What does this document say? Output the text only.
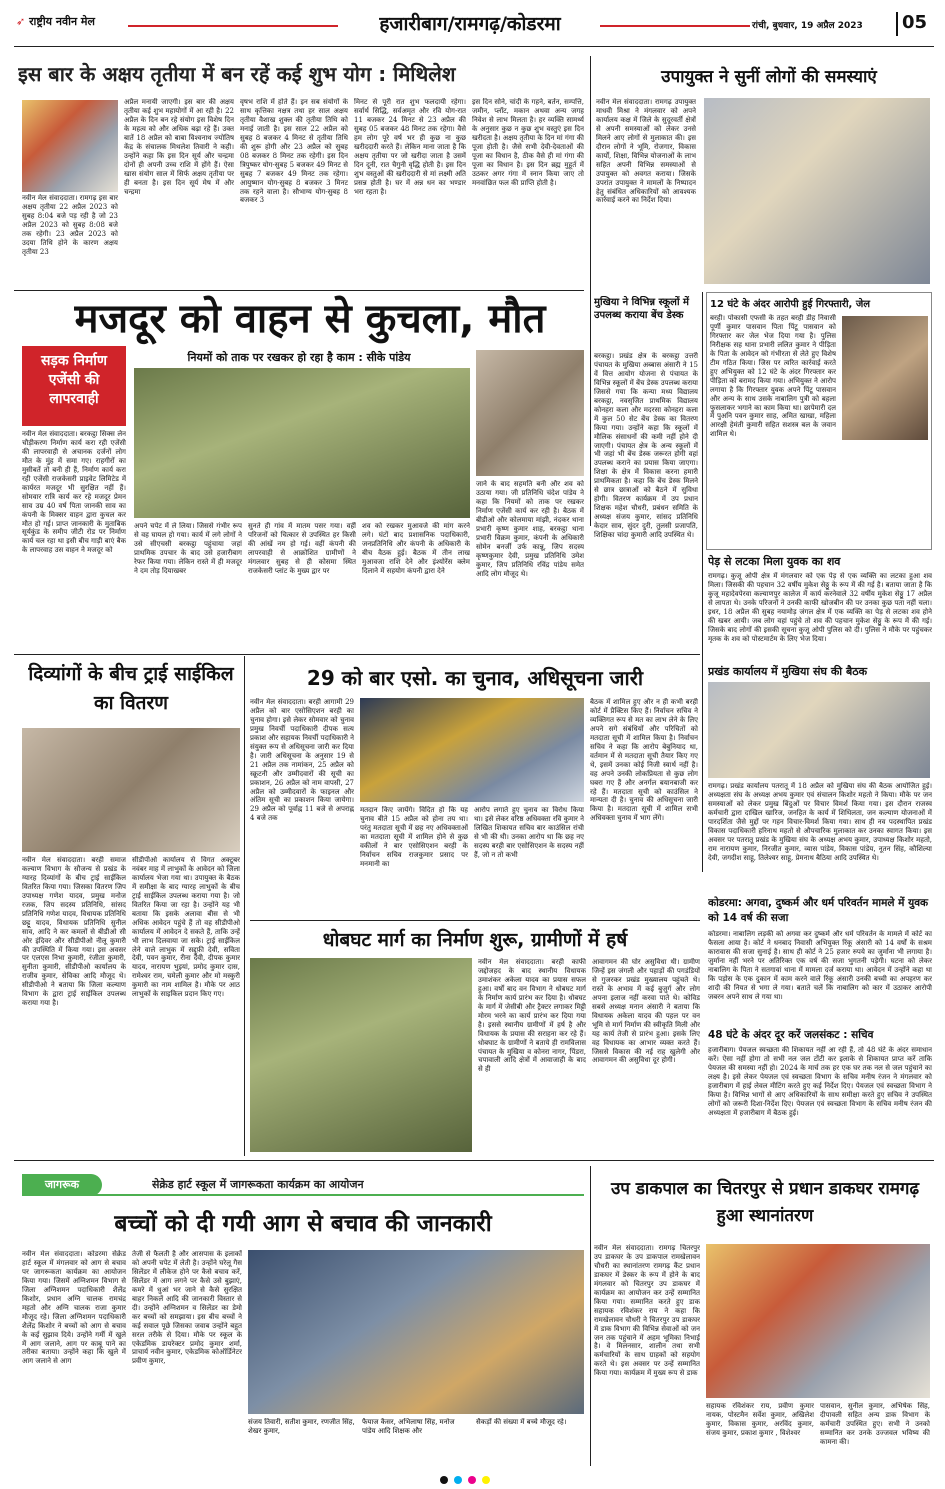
➶ राष्ट्रीय नवीन मेल	हजारीबाग/रामगढ़/कोडरमा	रांची, बुधवार, 19 अप्रैल 2023	05
इस बार के अक्षय तृतीया में बन रहें कई शुभ योग : मिथिलेश
नवीन मेल संवाददाता। रामगढ़ इस बार अक्षय तृतीया 22 अप्रैल 2023 को सुबह 8:04 बजे पड़ रही है जो 23 अप्रैल 2023 को सुबह 8:08 बजे तक रहेगी। 23 अप्रैल 2023 को उदया तिथि होने के कारण अक्षय तृतीया 23
अप्रैल मनायी जाएगी। इस बार की अक्षय तृतीया कई शुभ महायोगों में आ रही है। 22 अप्रैल के दिन बन रहे संयोग इस विशेष दिन के महत्व को और अधिक बढ़ा रहे हैं। उक्त बातें 18 अप्रैल को बाबा विश्वनाथ ज्योतिष केंद्र के संचालक मिथलेश तिवारी ने कही। उन्होंने कहा कि इस दिन सूर्य और चन्द्रमा दोनों ही अपनी उच्च राशि में होंगे हैं। ऐसा खास संयोग साल में सिर्फ अक्षय तृतीया पर ही बनता है। इस दिन सूर्य मेष में और चन्द्रमा
वृषभ राशि में होते हैं। इन सब संयोगों के साथ कृत्तिका नक्षत्र तथा हर साल अक्षय तृतीया वैशाख शुक्ल की तृतीया तिथि को मनाई जाती है। इस साल 22 अप्रैल को सुबह 8 बजकर 4 मिनट से तृतीया तिथि की शुरू होगी और 23 अप्रैल को सुबह 08 बजकर 8 मिनट तक रहेगी। इस दिन त्रिपुष्कर योग-सुबह 5 बजकर 49 मिनट से सुबह 7 बजकर 49 मिनट तक रहेगा। आयुष्मान योग-सुबह 8 बजकर 3 मिनट तक रहने वाला है। सौभाग्य योग-सुबह 8 बजकर 3
मिनट से पूरी रात शुभ फलदायी रहेगा। सर्वार्थ सिद्धि, सर्वअमृत और रवि योग-रात 11 बजकर 24 मिनट से 23 अप्रैल की सुबह 05 बजकर 48 मिनट तक रहेगा। वैसे हम लोग पूरे वर्ष भर ही कुछ ना कुछ खरीददारी करते हैं। लेकिन माना जाता है कि अक्षय तृतीया पर जो खरीदा जाता है उसमें दिन दूनी, रात चैगुनी वृद्धि होती है। इस दिन शुभ वस्तुओं की खरीददारी से मां लक्ष्मी अति प्रसन्न होती है। घर में अन्न धन का भण्डार भरा रहता है।
इस दिन सोने, चांदी के गहने, बर्तन, सम्पत्ति, जमीन, प्लॉट, मकान अथवा अन्य जगह निवेश से लाभ मिलता है। हर व्यक्ति सामर्थ्य के अनुसार कुछ न कुछ शुभ वस्तुएं इस दिन खरीदता है। अक्षय तृतीया के दिन मां गंगा की पूजा होती है। जैसे सभी देवी-देवताओं की पूजा का विधान है, ठीक वैसे ही मां गंगा की पूजा का विधान है। इस दिन ब्रह्म मुहूर्त में उठकर अगर गंगा में स्नान किया जाए तो मनवांछित फल की प्राप्ति होती है।
उपायुक्त ने सुनीं लोगों की समस्याएं
नवीन मेल संवाददाता। रामगढ़ उपायुक्त माधवी मिश्रा ने मंगलवार को अपने कार्यालय कक्ष में जिले के सुदूरवर्ती क्षेत्रों से अपनी समस्याओं को लेकर उनसे मिलने आए लोगों से मुलाकात की। इस दौरान लोगों ने भूमि, रोजगार, विकास कार्यों, शिक्षा, विभिन्न योजनाओं के लाभ सहित अपनी विभिन्न समस्याओं से उपायुक्त को अवगत कराया। जिसके उपरांत उपायुक्त ने मामलों के निष्पादन हेतु संबंधित अधिकारियों को आवश्यक कार्रवाई करने का निर्देश दिया।
मजदूर को वाहन से कुचला, मौत
सड़क निर्माण एजेंसी की लापरवाही
नियमों को ताक पर रखकर हो रहा है काम : सीके पांडेय
नवीन मेल संवाददाता। बरकट्ठा सिक्स लेन चौड़ीकरण निर्माण कार्य करा रही एजेंसी की लापरवाही से अचानक दर्जनों लोग मौत के मुंह में समा गए। राहगीरों का मुसीबतें तो बनी ही हैं, निर्माण कार्य करा रही एजेंसी राजकेसरी प्राइवेट लिमिटेड में कार्यरत मजदूर भी सुरक्षित नहीं हैं। सोमवार रात्रि कार्य कर रहे मजदूर प्रेमन साव उम्र 40 वर्ष पिता जानकी साव का कंपनी के मिक्सर वाहन द्वारा कुचल कर मौत हो गई। प्राप्त जानकारी के मुताबिक सूर्यकुंड के समीप जीटी रोड पर निर्माण कार्य चल रहा था इसी बीच गाड़ी बाएं बैक के लापरवाह उस वाहन ने मजदूर को
अपने चपेट में ले लिया। जिससे गंभीर रूप से वह घायल हो गया। कार्य में लगे लोगों ने उसे सीएचसी बरकट्ठा पहुंचाया जहां प्राथमिक उपचार के बाद उसे हजारीबाग रेफर किया गया। लेकिन रास्ते में ही मजदूर ने दम तोड़ दियाखबर
सुनते ही गांव में मातम पसर गया। वहीं परिजनों को चित्कार से उपस्थित हर किसी की आंखें नम हो गई। वहीं कंपनी की लापरवाही से आक्रोशित ग्रामीणों ने मंगलवार सुबह से ही कोसमा स्थित राजकेसरी प्लांट के मुख्य द्वार पर
शव को रखकर मुआवजे की मांग करने लगे। घंटों बाद प्रशासनिक पदाधिकारी, जनप्रतिनिधि और कंपनी के अधिकारी के बीच वैठक हुई। बैठक में तीन लाख मुआवजा राशि देने और इंश्योरेंस क्लेम दिलाने में सहयोग कंपनी द्वारा देने
जाने के बाद सहमति बनी और शव को उठाया गया। जी प्रतिनिधि चंदेश पांडेय ने कहा कि नियमों को ताक पर रखकर निर्माण एजेंसी कार्य कर रही है। बैठक में बीडीओ और कोलमाया मांझी, नंदकर थाना प्रभारी कृष्ण कुमार शाह, बरकट्ठा थाना प्रभारी विक्रम कुमार, कंपनी के अधिकारी सोमेन बनर्जी उर्फ कान्नू, जिप सदस्य कृष्णकुमार देवी, प्रमुख प्रतिनिधि उमेश कुमार, जिप प्रतिनिधि रविंद्र पांडेय समेत आदि लोग मौजूद थे।
मुखिया ने विभिन्न स्कूलों में उपलब्ध कराया बेंच डेस्क
बरकट्ठा। प्रखंड क्षेत्र के बरकट्ठा उत्तरी पंचायत के मुखिया अब्बास अंसारी ने 15 वें वित्त आयोग योजना से पंचायत के विभिन्न स्कूलों में बेंच डेस्क उपलब्ध कराया जिससे गया कि कन्या मध्य विद्यालय बरकट्ठा, नवसृजित प्राथमिक विद्यालय कोनहरा कला और मदरसा कोनहरा कला में कुल 50 सेट बेंच डेस्क का वितरण किया गया। उन्होंने कहा कि स्कूलों में मौलिक संसाधनों की कमी नहीं होने दी जाएगी। पंचायत क्षेत्र के अन्य स्कूलों में भी जहां भी बेंच डेस्क जरूरत होगी वहां उपलब्ध कराने का प्रयास किया जाएगा। शिक्षा के क्षेत्र में विकास करना हमारी प्राथमिकता है। कहा कि बेंच डेस्क मिलने से छात्र छात्राओं को बैठने में सुविधा होगी। वितरण कार्यक्रम में उप प्रधान शिक्षक महेश चौधरी, प्रबंधन समिति के अध्यक्ष संजय कुमार, सांसद प्रतिनिधि केदार साव, सुंदर दुरी, तुलसी प्रजापति, शिक्षिका चांदा कुमारी आदि उपस्थित थे।
12 घंटे के अंदर आरोपी हुई गिरफ्तारी, जेल
बरही। पोकासी एफसी के तहत बरही डीह निवासी पूर्णी कुमार पासवान पिता पिंटू पासवान को गिरफ्तार कर जेल भेज दिया गया है। पुलिस निरीक्षक सह थाना प्रभारी ललित कुमार ने पीड़िता के पिता के आवेदन को गंभीरता से लेते हुए विशेष टीम गठित किया। जिस पर त्वरित कार्रवाई करते हुए अभियुक्त को 12 घंटे के अंदर गिरफ्तार कर पीड़िता को बरामद किया गया। अभियुक्त ने आरोप लगाया है कि गिरफ्तार युवक अपने पिंटू पासवान और अन्य के साथ उसके नाबालिग पुत्री को बहला फुसलाकर भगाने का काम किया था। छापेमारी दल में पुअनि पवन कुमार साह, अमित खाखा, महिला आरक्षी हेमंती कुमारी सहित सशस्त्र बल के जवान शामिल थे।
पेड़ से लटका मिला युवक का शव
रामगढ़। कुजू ओपी क्षेत्र में मंगलवार को एक पेड़ से एक व्यक्ति का लटका हुआ शव मिला। जिसकी की पहचान 32 वर्षीय मुकेश सेठ्ठू के रूप में की गई है। बताया जाता है कि कुजू महादेवपेरवा कल्याणपुर कालेज में कार्य करनेवाले 32 वर्षीय मुकेश सेठ्ठू 17 अप्रैल से लापता थे। उनके परिजनों ने उनकी काफी खोजबीन की पर उनका कुछ पता नहीं चला। इधर, 18 अप्रैल की सुबह नयामोड़ जंगल क्षेत्र में एक व्यक्ति का पेड़ से लटका शव होने की खबर आयी। जब लोग वहां पहुंचे तो शव की पहचान मुकेश सेठ्ठू के रूप में की गई। जिसके बाद लोगों की इसकी सूचना कुजू ओपी पुलिस को दी। पुलिस ने मौके पर पहुंचकर मृतक के शव को पोस्टमार्टम के लिए भेज दिया।
प्रखंड कार्यालय में मुखिया संघ की बैठक
रामगढ़। प्रखंड कार्यालय पतरातू में 18 अप्रैल को मुखिया संघ की बैठक आयोजित हुई। अध्यक्षता संघ के अध्यक्ष अभय कुमार एवं संचालन किशोर महतो ने किया। मौके पर जन समस्याओं को लेकर प्रमुख बिंदुओं पर विचार विमर्श किया गया। इस दौरान राजस्व कर्मचारी द्वारा दाखिल खारिज, जनहित के कार्य में शिथिलता, जन कल्याण योजनाओं में पारदर्शिता जैसे मुद्दों पर गहन विचार-विमर्श किया गया। साथ ही नव पदस्थापित प्रखंड विकास पदाधिकारी हरिनाथ महतो से औपचारिक मुलाकात कर उनका स्वागत किया। इस अवसर पर पतरातू प्रखंड के मुखिया संघ के अध्यक्ष अभय कुमार, उपाध्यक्ष किशोर महतो, राम नारायण कुमार, निरजीत कुमार, व्यास पांडेय, विकास पांडेय, नूतन सिंह, कौशिल्या देवी, जगदीश साहू, तिलेश्वर साहू, प्रेमनाथ बैठिया आदि उपस्थित थे।
कोडरमा: अगवा, दुष्कर्म और धर्म परिवर्तन मामले में युवक को 14 वर्ष की सजा
कोडरमा। नाबालिग लड़की को अगवा कर दुष्कर्म और धर्म परिवर्तन के मामले में कोर्ट का फैसला आया है। कोर्ट ने धनबाद निवासी अभियुक्त रिंकू अंसारी को 14 वर्षों के सश्रम कारावास की सजा सुनाई है। साथ ही कोर्ट ने 25 हजार रुपये का जुर्माना भी लगाया है। जुर्माना नहीं भरने पर अतिरिक्त एक वर्ष की सजा भुगतनी पड़ेगी। घटना को लेकर नाबालिग के पिता ने सतगावां थाना में मामला दर्ज कराया था। आवेदन में उन्होंने कहा था कि पड़ोस के एक दुकान में काम करने वाले रिंकू अंसारी उनकी बच्ची का अपहरण कर शादी की नियत से भगा ले गया। बताते चलें कि नाबालिग को कार में उठाकर आरोपी जबरन अपने साथ ले गया था।
48 घंटे के अंदर दूर करें जलसंकट : सचिव
हजारीबाग। पेयजल स्वच्छता की शिकायत नहीं आ रही हैं, तो 48 घंटे के अंदर समाधान करें। ऐसा नहीं होगा तो सभी नल जल टोंटी कर इलाके से शिकायत प्राप्त करें ताकि पेयजल की समस्या नहीं हो। 2024 के मार्च तक हर एक घर तक नल से जल पहुंचाने का लक्ष्य है। इसे लेकर पेयजल एवं स्वच्छता विभाग के सचिव मनीष रंजन ने मंगलवार को हजारीबाग में हाई लेवल मीटिंग करते हुए कई निर्देश दिए। पेयजल एवं स्वच्छता विभाग ने किया है। विभिन्न भागों से आए अधिकारियों के साथ समीक्षा करते हुए सचिव ने उपस्थित लोगों को जरूरी दिशा-निर्देश दिए। पेयजल एवं स्वच्छता विभाग के सचिव मनीष रंजन की अध्यक्षता में हजारीबाग में बैठक हुई।
दिव्यांगों के बीच ट्राई साईकिल का वितरण
नवीन मेल संवाददाता। बरही समाज कल्याण विभाग के सौजन्य से प्रखंड के ग्यारह दिव्यांगों के बीच ट्राई साईकिल वितरित किया गया। जिसका वितरण जिप उपाध्यक्ष गणेश यादव, प्रमुख मनोज रजक, जिप सदस्य प्रतिनिधि, सांसद प्रतिनिधि गणेश यादव, विधायक प्रतिनिधि छट्टू यादव, विधायक प्रतिनिधि सुनील साव, आदि ने कर कमलों से बीडीओ सी ओर इंदिवर और सीडीपीओ नीलू कुमारी की उपस्थिति में किया गया। इस अवसर पर एलएस निभा कुमारी, रंजीता कुमारी, सुनीता कुमारी, सीडीपीओ कार्यालय के राजीव कुमार, सेविका आदि मौजूद थे। सीडीपीओ ने बताया कि जिला कल्याण विभाग के द्वारा ट्राई साईकिल उपलब्ध कराया गया है।
सीडीपीओ कार्यालय से विगत अक्टूबर नवंबर माह में लाभुकों के आवेदन को जिला कार्यालय भेजा गया था। उपायुक्त के बैठक में समीक्षा के बाद ग्यारह लाभुकों के बीच ट्राई साईकिल उपलब्ध कराया गया है। जो वितरित किया जा रहा है। उन्होंने यह भी बताया कि इसके अलावा बीस से भी अधिक आवेदन पहुंचे हैं तो वह सीडीपीओ कार्यालय में आवेदन दे सकते हैं, ताकि उन्हें भी लाभ दिलवाया जा सके। ट्राई साईकिल लेने वाले लाभुक में सद्दुफ़ी देवी, सविता देवी, पवन कुमार, रीना देवी, दीपक कुमार यादव, नारायण भुइयां, प्रमोद कुमार दास, रामेश्वर राम, चमेली कुमार और मो मस्कुरी कुमारी का नाम शामिल है। मौके पर आठ लाभुकों के साइकिल प्रदान किए गए।
29 को बार एसो. का चुनाव, अधिसूचना जारी
नवीन मेल संवाददाता। बरही आगामी 29 अप्रैल को बार एसोसिएशन बरही का चुनाव होगा। इसे लेकर सोमवार को चुनाव प्रमुख निवर्ची पदाधिकारी दीपक सत्य प्रकाश और सहायक निवर्ची पदाधिकारी ने संयुक्त रूप से अधिसूचना जारी कर दिया है। जारी अधिसूचना के अनुसार 19 से 21 अप्रैल तक नामांकन, 25 अप्रैल को स्क्रूटनी और उम्मीदवारों की सूची का प्रकाशन, 26 अप्रैल को नाम वापसी, 27 अप्रैल को उम्मीदवारों के फाइनल और अंतिम सूची का प्रकाशन किया जायेगा। 29 अप्रैल को पूर्वाह्न 11 बजे से अपराह्न 4 बजे तक
मतदान किए जायेंगे। विदित हो कि यह चुनाव बीते 15 अप्रैल को होना तय था। परंतु मतदाता सूची में छह नए अधिवक्ताओं का मतदाता सूची में शामिल होने से कुछ वकीलों ने बार एसोसिएशन बरही के निर्वाचन सचिव राजकुमार प्रसाद पर मनमानी का
आरोप लगाते हुए चुनाव का विरोध किया था। इसे लेकर वरिष्ठ अधिवक्ता रवि कुमार ने लिखित शिकायत सचिव बार काउंसिल रांची से भी की थी। उनका आरोप था कि छह नए सदस्य बरही बार एसोसिएशन के सदस्य नहीं हैं, जो न तो कभी
बैठक में शामिल हुए और न ही कभी बरही कोर्ट में प्रैक्टिस किए हैं। निर्वाचन सचिव ने व्यक्तिगत रूप से मत का लाभ लेने के लिए अपने सगे संबंधियों और परिचितों को मतदाता सूची में शामिल किया है। निर्वाचन सचिव ने कहा कि आरोप बेबुनियाद था, वर्तमान में से मतदाता सूची तैयार किए गए थे, इसमें उनका कोई निजी स्वार्थ नहीं है। वह अपने उनकी लोकप्रियता से कुछ लोग घबरा गए हैं और अनर्गल बयानबाजी कर रहे हैं। मतदाता सूची को काउंसिल ने मान्यता दी है। चुनाव की अधिसूचना जारी किया है। मतदाता सूची में शामिल सभी अधिवक्ता चुनाव में भाग लेंगे।
धोबघट मार्ग का निर्माण शुरू, ग्रामीणों में हर्ष
नवीन मेल संवाददाता। बरही काफी जद्दोजहद के बाद स्थानीय विधायक उमाशंकर अकेला यादव का प्रयास सफल हुआ। वर्षों बाद वन विभाग ने धोबघट मार्ग के निर्माण कार्य प्रारंभ कर दिया है। धोबघट के मार्ग में जेसीबी और ट्रैक्टर लगाकर मिट्टी मोरम भरने का कार्य प्रारंभ कर दिया गया है। इससे स्थानीय ग्रामीणों में हर्ष है और विधायक के प्रयास की सराहना कर रहे हैं। धोबघाट के ग्रामीणों ने बताये ही रामविलास पंचायत के मुखिया व कोनरा नागर, पिंडरा, चपावाली आदि क्षेत्रों में आवाजाही के बाद से ही
आवागमन की घोर असुविधा थी। ग्रामीण जिन्हें इस जंगली और पहाड़ों की पगडंडियों से गुजरकर प्रखंड मुख्यालय पहुंचते थे। रास्ते के अभाव में कई बुजुर्ग और लोग अपना इलाज नहीं करवा पाते थे। कोविड सबसे अध्यक्ष मनान अंसारी ने बताया कि विधायक अकेला यादव की पहल पर वन भूमि से मार्ग निर्माण की स्वीकृति मिली और यह कार्य तेजी से प्रारंभ हुआ। इसके लिए वह विधायक का आभार व्यक्त करते हैं। जिससे विकास की नई राह खुलेगी और आवागमन की असुविधा दूर होगी।
जागरूक	सेक्रेड हार्ट स्कूल में जागरूकता कार्यक्रम का आयोजन
बच्चों को दी गयी आग से बचाव की जानकारी
नवीन मेल संवाददाता। कोडरमा सेक्रेड हार्ट स्कूल में मंगलवार को आग से बचाव पर जागरूकता कार्यक्रम का आयोजन किया गया। जिसमें अग्निशमन विभाग से जिला अग्निशमन पदाधिकारी शैलेंद्र किशोर, प्रधान अग्नि चालक रामचंद्र महतो और अग्नि चालक राजा कुमार मौजूद रहे। जिला अग्निशमन पदाधिकारी शैलेंद्र किशोर ने बच्चों को आग से बचाव के कई सुझाव दिये। उन्होंने गर्मी में खुले में आग जलाने, आग पर काबू पाने का तरीका बताया। उन्होंने कहा कि खुले में आग जलाने से आग
तेजी से फैलती है और आसपास के इलाकों को अपनी चपेट में लेती है। उन्होंने घरेलू गैस सिलेंडर में लीकेज होने पर कैसे बचाव करें, सिलेंडर में आग लगने पर कैसे उसे बुझाएं, कमरे में धुआं भर जाने से कैसे सुरक्षित बाहर निकलें आदि की जानकारी विस्तार से दी। उन्होंने अग्निशमन व सिलेंडर का डेमो कर बच्चों को समझाया। इस बीच बच्चों ने कई सवाल पूछे जिसका जवाब उन्होंने बहुत सरल तरीके से दिया। मौके पर स्कूल के एकेडमिक डायरेक्टर प्रमोद कुमार शर्मा, प्राचार्य नवीन कुमार, एकेडमिक कोऑर्डिनेटर प्रवीण कुमार,
संजय तिवारी, सतीश कुमार, रणजीत सिंह, शेखर कुमार,
फैयाज कैसर, अभिलाषा सिंह, मनोज पांडेय आदि शिक्षक और
सैकड़ों की संख्या में बच्चे मौजूद रहे।
उप डाकपाल का चितरपुर से प्रधान डाकघर रामगढ़ हुआ स्थानांतरण
नवीन मेल संवाददाता। रामगढ़ चितरपुर उप डाकघर के उप डाकपाल रामखेलावन चौधरी का स्थानांतरण रामगढ़ कैंट प्रधान डाकघर में डेस्कर के रूप में होने के बाद मंगलवार को चितरपुर उप डाकघर में कार्यक्रम का आयोजन कर उन्हें सम्मानित किया गया। सम्मानित करते हुए डाक सहायक रविशंकर राय ने कहा कि रामखेलावन चौधरी ने चितरपुर उप डाकघर में डाक विभाग की विभिन्न सेवाओं को जन जन तक पहुंचाने में अहम भूमिका निभाई है। वे मिलनसार, शालीन तथा सभी कर्मचारियों के साथ ग्राहकों को सहयोग करते थे। इस अवसर पर उन्हें सम्मानित किया गया। कार्यक्रम में मुख्य रूप से डाक
सहायक रविशंकर राय, प्रवीण कुमार नायक, पोस्टमैन सर्वेश कुमार, अखिलेश कुमार, विकास कुमार, अरविंद कुमार, संजय कुमार, प्रकाश कुमार , विशेश्वर
पासवान, सुनील कुमार, अभिषेक सिंह, दीपावली सहित अन्य डाक विभाग के कर्मचारी उपस्थित हुए। सभी ने उनको सम्मानित कर उनके उज्जवल भविष्य की कामना की।
